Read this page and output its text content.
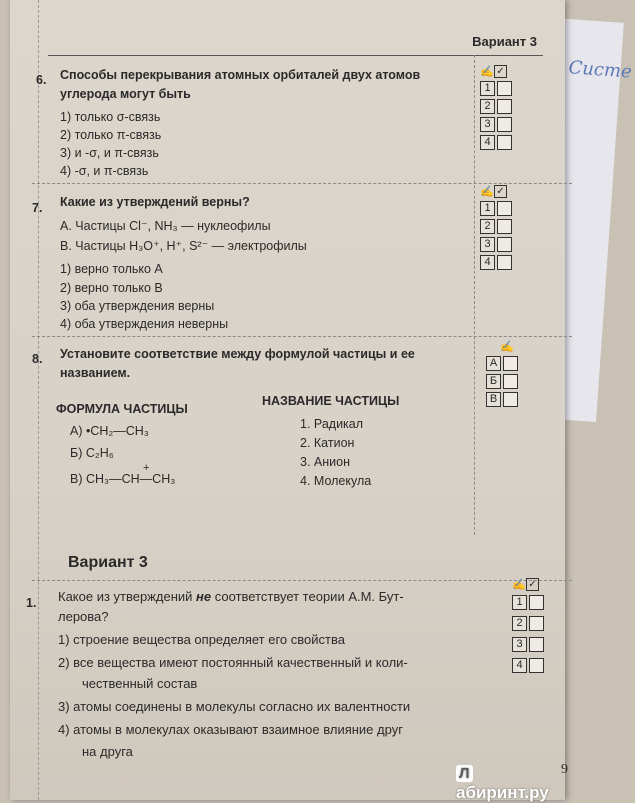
Систе
Вариант 3
6. Способы перекрывания атомных орбиталей двух атомов
углерода могут быть
1) только σ-связь
2) только π-связь
3) и -σ, и π-связь
4) -σ, и π-связь
✍ ✓
1
2
3
4
7. Какие из утверждений верны?
А. Частицы Cl⁻, NH₃ — нуклеофилы
В. Частицы H₃O⁺, H⁺, S²⁻ — электрофилы
1) верно только А
2) верно только В
3) оба утверждения верны
4) оба утверждения неверны
✍ ✓
1
2
3
4
8. Установите соответствие между формулой частицы и ее
названием.
ФОРМУЛА ЧАСТИЦЫ
НАЗВАНИЕ ЧАСТИЦЫ
А) •CH₂—CH₃
Б) C₂H₆
+
В) CH₃—CH—CH₃
1. Радикал
2. Катион
3. Анион
4. Молекула
✍
А
Б
В
Вариант 3
1. Какое из утверждений не соответствует теории А.М. Бут-
лерова?
1) строение вещества определяет его свойства
2) все вещества имеют постоянный качественный и коли-
чественный состав
3) атомы соединены в молекулы согласно их валентности
4) атомы в молекулах оказывают взаимное влияние друг
на друга
✍ ✓
1
2
3
4
9
Лабиринт.ру
